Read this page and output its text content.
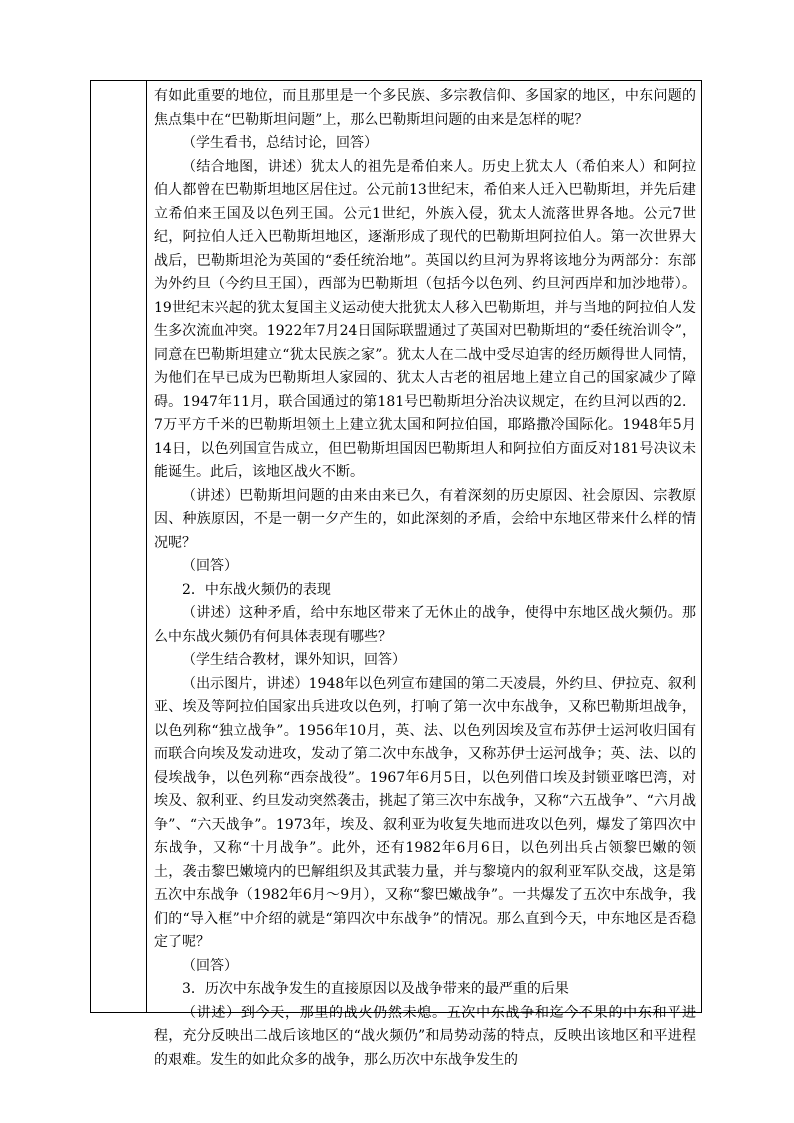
有如此重要的地位，而且那里是一个多民族、多宗教信仰、多国家的地区，中东问题的焦点集中在“巴勒斯坦问题”上，那么巴勒斯坦问题的由来是怎样的呢？

（学生看书，总结讨论，回答）

（结合地图，讲述）犹太人的祖先是希伯来人。历史上犹太人（希伯来人）和阿拉伯人都曾在巴勒斯坦地区居住过。公元前13世纪末，希伯来人迁入巴勒斯坦，并先后建立希伯来王国及以色列王国。公元1世纪，外族入侵，犹太人流落世界各地。公元7世纪，阿拉伯人迁入巴勒斯坦地区，逐渐形成了现代的巴勒斯坦阿拉伯人。第一次世界大战后，巴勒斯坦沦为英国的“委任统治地”。英国以约旦河为界将该地分为两部分：东部为外约旦（今约旦王国），西部为巴勒斯坦（包括今以色列、约旦河西岸和加沙地带）。19世纪末兴起的犹太复国主义运动使大批犹太人移入巴勒斯坦，并与当地的阿拉伯人发生多次流血冲突。1922年7月24日国际联盟通过了英国对巴勒斯坦的“委任统治训令”，同意在巴勒斯坦建立“犹太民族之家”。犹太人在二战中受尽迫害的经历颇得世人同情，为他们在早已成为巴勒斯坦人家园的、犹太人古老的祖居地上建立自己的国家减少了障碍。1947年11月，联合国通过的第181号巴勒斯坦分治决议规定，在约旦河以西的2．7万平方千米的巴勒斯坦领土上建立犹太国和阿拉伯国，耶路撒冷国际化。1948年5月14日，以色列国宣告成立，但巴勒斯坦国因巴勒斯坦人和阿拉伯方面反对181号决议未能诞生。此后，该地区战火不断。

（讲述）巴勒斯坦问题的由来由来已久，有着深刻的历史原因、社会原因、宗教原因、种族原因，不是一朝一夕产生的，如此深刻的矛盾，会给中东地区带来什么样的情况呢？

（回答）

2．中东战火频仍的表现

（讲述）这种矛盾，给中东地区带来了无休止的战争，使得中东地区战火频仍。那么中东战火频仍有何具体表现有哪些？

（学生结合教材，课外知识，回答）

（出示图片，讲述）1948年以色列宣布建国的第二天凌晨，外约旦、伊拉克、叙利亚、埃及等阿拉伯国家出兵进攻以色列，打响了第一次中东战争，又称巴勒斯坦战争，以色列称“独立战争”。1956年10月，英、法、以色列因埃及宣布苏伊士运河收归国有而联合向埃及发动进攻，发动了第二次中东战争，又称苏伊士运河战争；英、法、以的侵埃战争，以色列称“西奈战役”。1967年6月5日，以色列借口埃及封锁亚喀巴湾，对埃及、叙利亚、约旦发动突然袭击，挑起了第三次中东战争，又称“六五战争”、“六月战争”、“六天战争”。1973年，埃及、叙利亚为收复失地而进攻以色列，爆发了第四次中东战争，又称“十月战争”。此外，还有1982年6月6日，以色列出兵占领黎巴嫩的领土，袭击黎巴嫩境内的巴解组织及其武装力量，并与黎境内的叙利亚军队交战，这是第五次中东战争（1982年6月～9月），又称“黎巴嫩战争”。一共爆发了五次中东战争，我们的“导入框”中介绍的就是“第四次中东战争”的情况。那么直到今天，中东地区是否稳定了呢？

（回答）

3．历次中东战争发生的直接原因以及战争带来的最严重的后果

（讲述）到今天，那里的战火仍然未熄。五次中东战争和迄今不果的中东和平进程，充分反映出二战后该地区的“战火频仍”和局势动荡的特点，反映出该地区和平进程的艰难。发生的如此众多的战争，那么历次中东战争发生的
